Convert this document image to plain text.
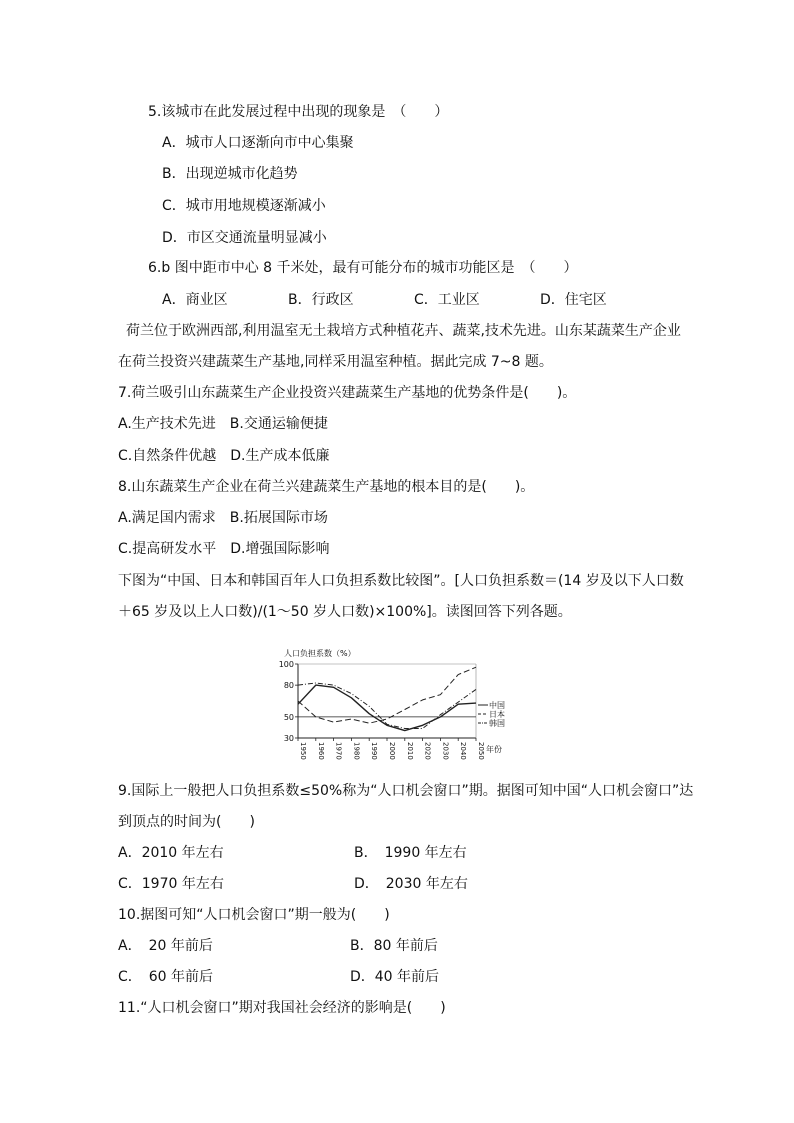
5.该城市在此发展过程中出现的现象是　（　　）
A．城市人口逐渐向市中心集聚
B．出现逆城市化趋势
C．城市用地规模逐渐减小
D．市区交通流量明显减小
6.b 图中距市中心 8 千米处，最有可能分布的城市功能区是　（　　）
A．商业区	B．行政区	C．工业区	D．住宅区
荷兰位于欧洲西部,利用温室无土栽培方式种植花卉、蔬菜,技术先进。山东某蔬菜生产企业
在荷兰投资兴建蔬菜生产基地,同样采用温室种植。据此完成 7~8 题。
7.荷兰吸引山东蔬菜生产企业投资兴建蔬菜生产基地的优势条件是(　　)。
A.生产技术先进　B.交通运输便捷
C.自然条件优越　D.生产成本低廉
8.山东蔬菜生产企业在荷兰兴建蔬菜生产基地的根本目的是(　　)。
A.满足国内需求　B.拓展国际市场
C.提高研发水平　D.增强国际影响
下图为“中国、日本和韩国百年人口负担系数比较图”。[人口负担系数＝(14 岁及以下人口数
＋65 岁及以上人口数)/(1～50 岁人口数)×100%]。读图回答下列各题。
人口负担系数（%）
年份
30
50
80
100
1950 1960 1970 1980 1990 2000 2010 2020 2030 2040 2050
中国
日本
韩国
9.国际上一般把人口负担系数≤50%称为“人口机会窗口”期。据图可知中国“人口机会窗口”达
到顶点的时间为(　　)
A．2010 年左右	B．　1990 年左右
C．1970 年左右	D．　2030 年左右
10.据图可知“人口机会窗口”期一般为(　　)
A．　20 年前后	B．80 年前后
C．　60 年前后	D．40 年前后
11.“人口机会窗口”期对我国社会经济的影响是(　　)
